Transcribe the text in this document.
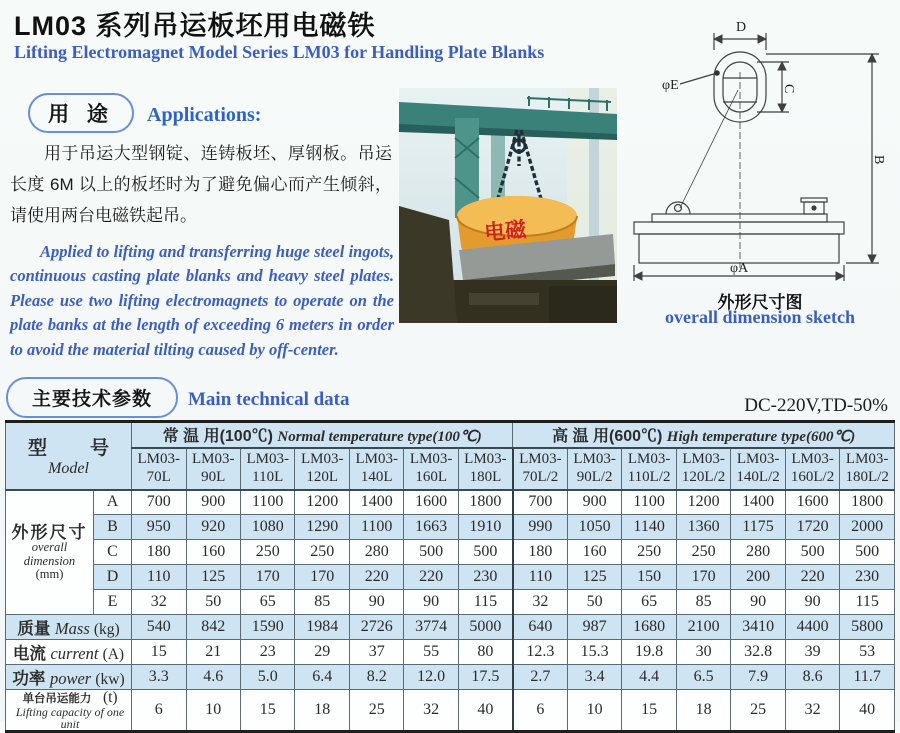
LM03 系列吊运板坯用电磁铁
Lifting Electromagnet Model Series LM03 for Handling Plate Blanks
用 途	Applications:

用于吊运大型钢锭、连铸板坯、厚钢板。吊运长度 6M 以上的板坯时为了避免偏心而产生倾斜，请使用两台电磁铁起吊。

Applied to lifting and transferring huge steel ingots, continuous casting plate blanks and heavy steel plates. Please use two lifting electromagnets to operate on the plate banks at the length of exceeding 6 meters in order to avoid the material tilting caused by off-center.

电磁
D
φE	C
B
φA
外形尺寸图
overall dimension sketch
主要技术参数	Main technical data	DC-220V,TD-50%
型　号
Model		常 温 用(100℃) Normal temperature type(100℃)							高 温 用(600℃) High temperature type(600℃)						
		LM03-70L	LM03-90L	LM03-110L	LM03-120L	LM03-140L	LM03-160L	LM03-180L	LM03-70L/2	LM03-90L/2	LM03-110L/2	LM03-120L/2	LM03-140L/2	LM03-160L/2	LM03-180L/2

外形尺寸
overall dimension
(mm)	A	700	900	1100	1200	1400	1600	1800	700	900	1100	1200	1400	1600	1800
	B	950	920	1080	1290	1100	1663	1910	990	1050	1140	1360	1175	1720	2000
	C	180	160	250	250	280	500	500	180	160	250	250	280	500	500
	D	110	125	170	170	220	220	230	110	125	150	170	200	220	230
	E	32	50	65	85	90	90	115	32	50	65	85	90	90	115
质量 Mass (kg)		540	842	1590	1984	2726	3774	5000	640	987	1680	2100	3410	4400	5800
电流 current (A)		15	21	23	29	37	55	80	12.3	15.3	19.8	30	32.8	39	53
功率 power (kw)		3.3	4.6	5.0	6.4	8.2	12.0	17.5	2.7	3.4	4.4	6.5	7.9	8.6	11.7

单台吊运能力　(t)
Lifting capacity of one unit		6	10	15	18	25	32	40	6	10	15	18	25	32	40
